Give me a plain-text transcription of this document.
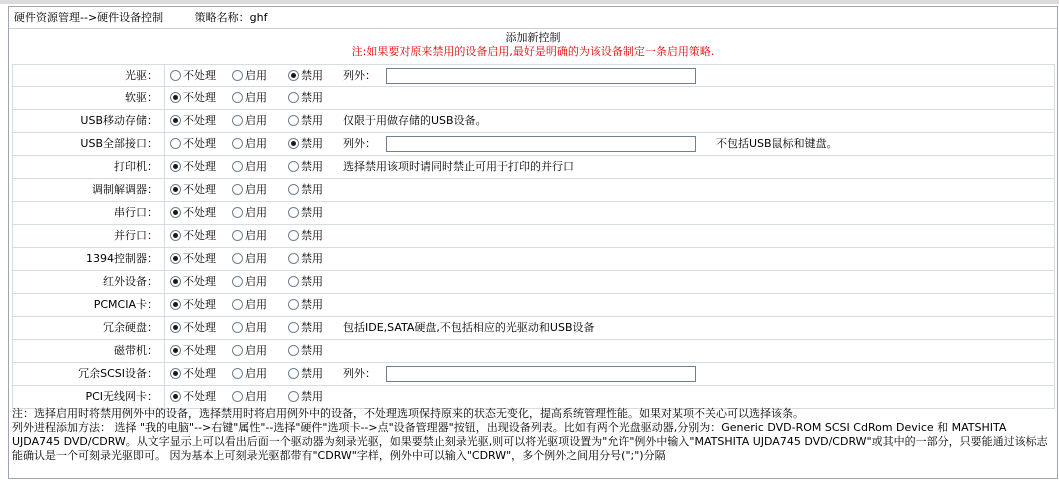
硬件资源管理-->硬件设备控制	策略名称：ghf
添加新控制
注:如果要对原来禁用的设备启用,最好是明确的为该设备制定一条启用策略.
光驱：	不处理	启用	禁用 列外：
软驱：	不处理	启用	禁用
USB移动存储：	不处理	启用	禁用 仅限于用做存储的USB设备。
USB全部接口：	不处理	启用	禁用 列外：	不包括USB鼠标和键盘。
打印机：	不处理	启用	禁用 选择禁用该项时请同时禁止可用于打印的并行口
调制解调器：	不处理	启用	禁用
串行口：	不处理	启用	禁用
并行口：	不处理	启用	禁用
1394控制器：	不处理	启用	禁用
红外设备：	不处理	启用	禁用
PCMCIA卡：	不处理	启用	禁用
冗余硬盘：	不处理	启用	禁用 包括IDE,SATA硬盘,不包括相应的光驱动和USB设备
磁带机：	不处理	启用	禁用
冗余SCSI设备：	不处理	启用	禁用 列外：
PCI无线网卡：	不处理	启用	禁用

注：选择启用时将禁用例外中的设备，选择禁用时将启用例外中的设备，不处理选项保持原来的状态无变化，提高系统管理性能。如果对某项不关心可以选择该条。

列外进程添加方法： 选择 "我的电脑"-->右键"属性"--选择"硬件"选项卡-->点"设备管理器"按钮，出现设备列表。比如有两个光盘驱动器,分别为：Generic DVD-ROM SCSI CdRom Device 和 MATSHITA UJDA745 DVD/CDRW。从文字显示上可以看出后面一个驱动器为刻录光驱，如果要禁止刻录光驱,则可以将光驱项设置为"允许"例外中输入"MATSHITA UJDA745 DVD/CDRW"或其中的一部分，只要能通过该标志能确认是一个可刻录光驱即可。 因为基本上可刻录光驱都带有"CDRW"字样，例外中可以输入"CDRW"，多个例外之间用分号(";")分隔
